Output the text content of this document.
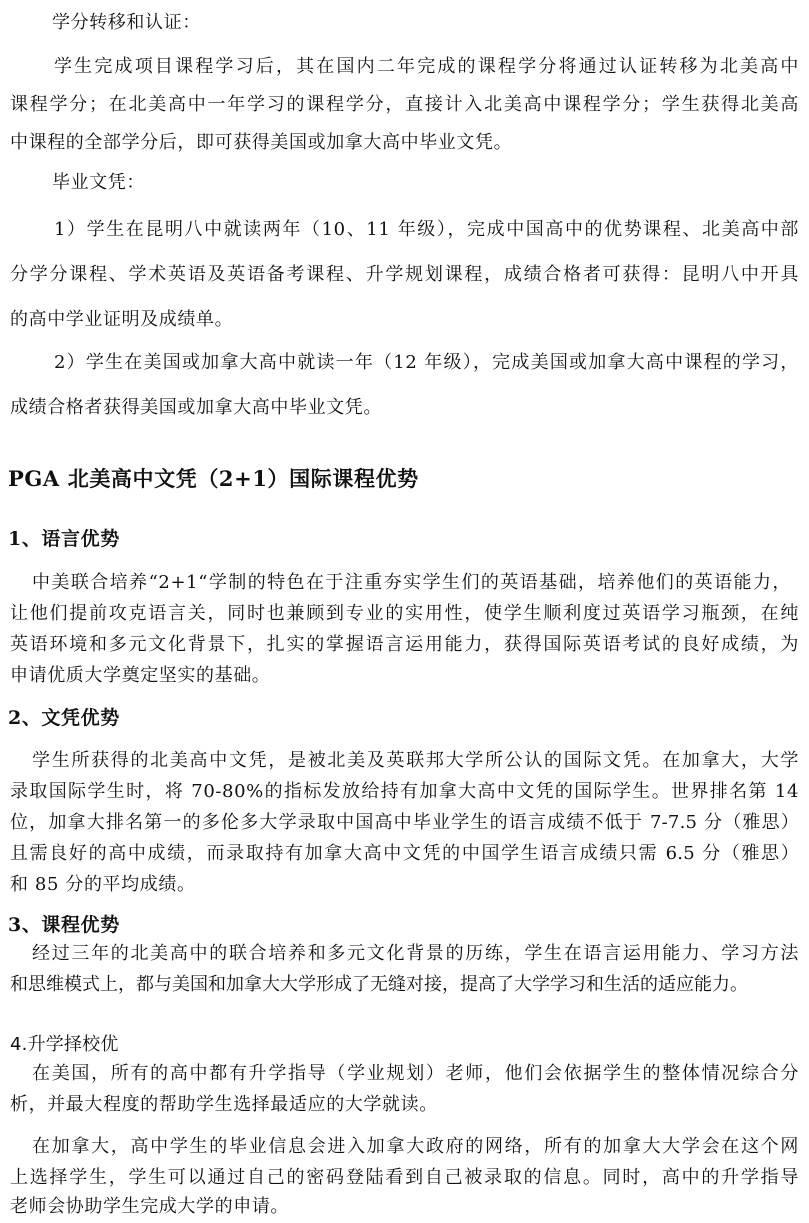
学分转移和认证：
学生完成项目课程学习后，其在国内二年完成的课程学分将通过认证转移为北美高中
课程学分；在北美高中一年学习的课程学分，直接计入北美高中课程学分；学生获得北美高
中课程的全部学分后，即可获得美国或加拿大高中毕业文凭。
毕业文凭：
1）学生在昆明八中就读两年（10、11 年级），完成中国高中的优势课程、北美高中部
分学分课程、学术英语及英语备考课程、升学规划课程，成绩合格者可获得：昆明八中开具
的高中学业证明及成绩单。
2）学生在美国或加拿大高中就读一年（12 年级），完成美国或加拿大高中课程的学习，
成绩合格者获得美国或加拿大高中毕业文凭。
PGA 北美高中文凭（2+1）国际课程优势
1、语言优势
中美联合培养“2+1“学制的特色在于注重夯实学生们的英语基础，培养他们的英语能力，
让他们提前攻克语言关，同时也兼顾到专业的实用性，使学生顺利度过英语学习瓶颈，在纯
英语环境和多元文化背景下，扎实的掌握语言运用能力，获得国际英语考试的良好成绩，为
申请优质大学奠定坚实的基础。
2、文凭优势
学生所获得的北美高中文凭，是被北美及英联邦大学所公认的国际文凭。在加拿大，大学
录取国际学生时，将 70-80%的指标发放给持有加拿大高中文凭的国际学生。世界排名第 14
位，加拿大排名第一的多伦多大学录取中国高中毕业学生的语言成绩不低于 7-7.5 分（雅思）
且需良好的高中成绩，而录取持有加拿大高中文凭的中国学生语言成绩只需 6.5 分（雅思）
和 85 分的平均成绩。
3、课程优势
经过三年的北美高中的联合培养和多元文化背景的历练，学生在语言运用能力、学习方法
和思维模式上，都与美国和加拿大大学形成了无缝对接，提高了大学学习和生活的适应能力。
4.升学择校优
在美国，所有的高中都有升学指导（学业规划）老师，他们会依据学生的整体情况综合分
析，并最大程度的帮助学生选择最适应的大学就读。
在加拿大，高中学生的毕业信息会进入加拿大政府的网络，所有的加拿大大学会在这个网
上选择学生，学生可以通过自己的密码登陆看到自己被录取的信息。同时，高中的升学指导
老师会协助学生完成大学的申请。
